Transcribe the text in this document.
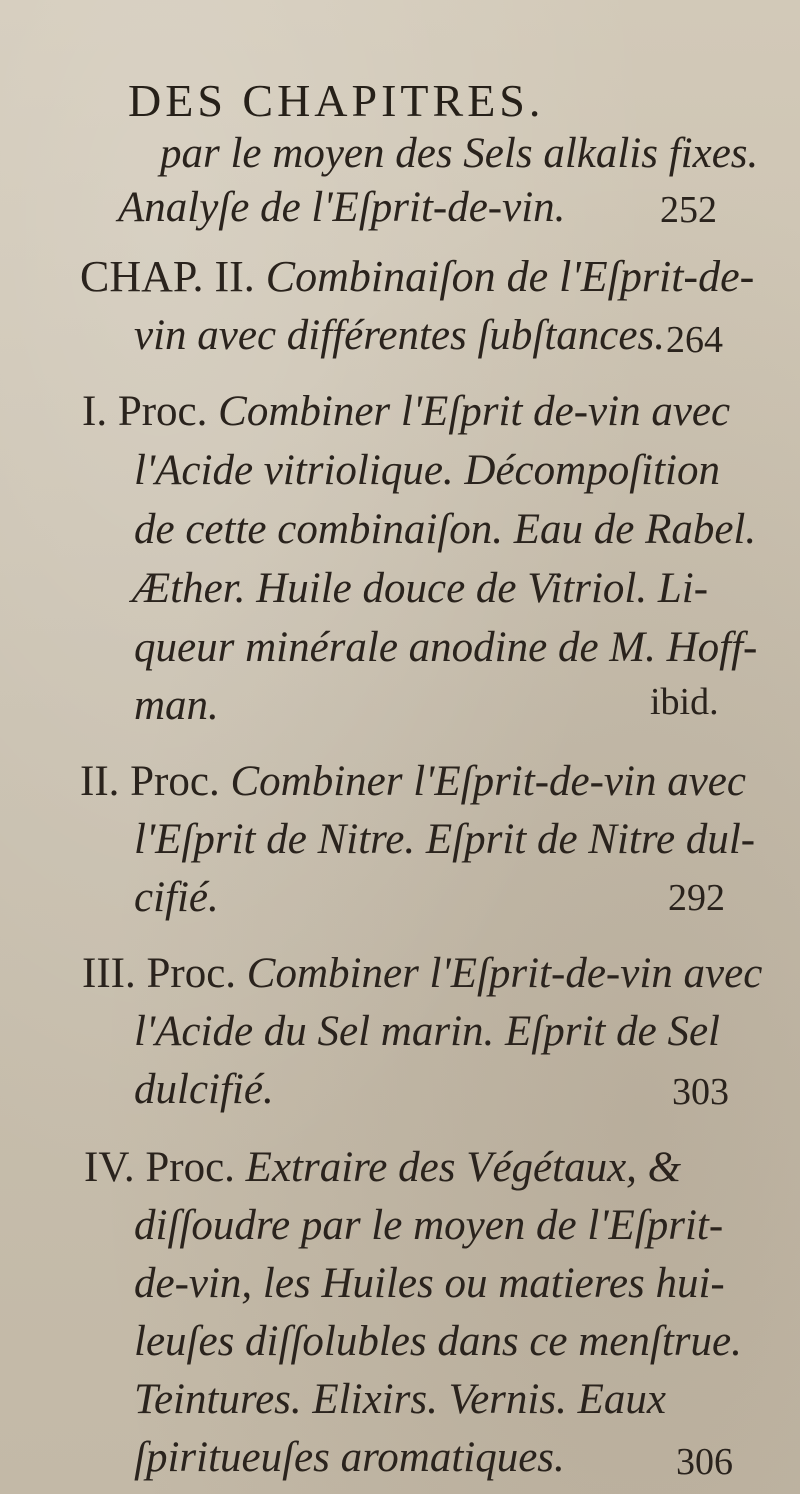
DES CHAPITRES.
par le moyen des Sels alkalis fixes.
Analyſe de l'Eſprit-de-vin. 252
CHAP. II. Combinaiſon de l'Eſprit-de-
vin avec différentes ſubſtances. 264
I. Proc. Combiner l'Eſprit de-vin avec
l'Acide vitriolique. Décompoſition
de cette combinaiſon. Eau de Rabel.
Æther. Huile douce de Vitriol. Li-
queur minérale anodine de M. Hoff-
man.	ibid.
II. Proc. Combiner l'Eſprit-de-vin avec
l'Eſprit de Nitre. Eſprit de Nitre dul-
cifié.	292
III. Proc. Combiner l'Eſprit-de-vin avec
l'Acide du Sel marin. Eſprit de Sel
dulcifié.	303
IV. Proc. Extraire des Végétaux, &
diſſoudre par le moyen de l'Eſprit-
de-vin, les Huiles ou matieres hui-
leuſes diſſolubles dans ce menſtrue.
Teintures. Elixirs. Vernis. Eaux
ſpiritueuſes aromatiques.	306
